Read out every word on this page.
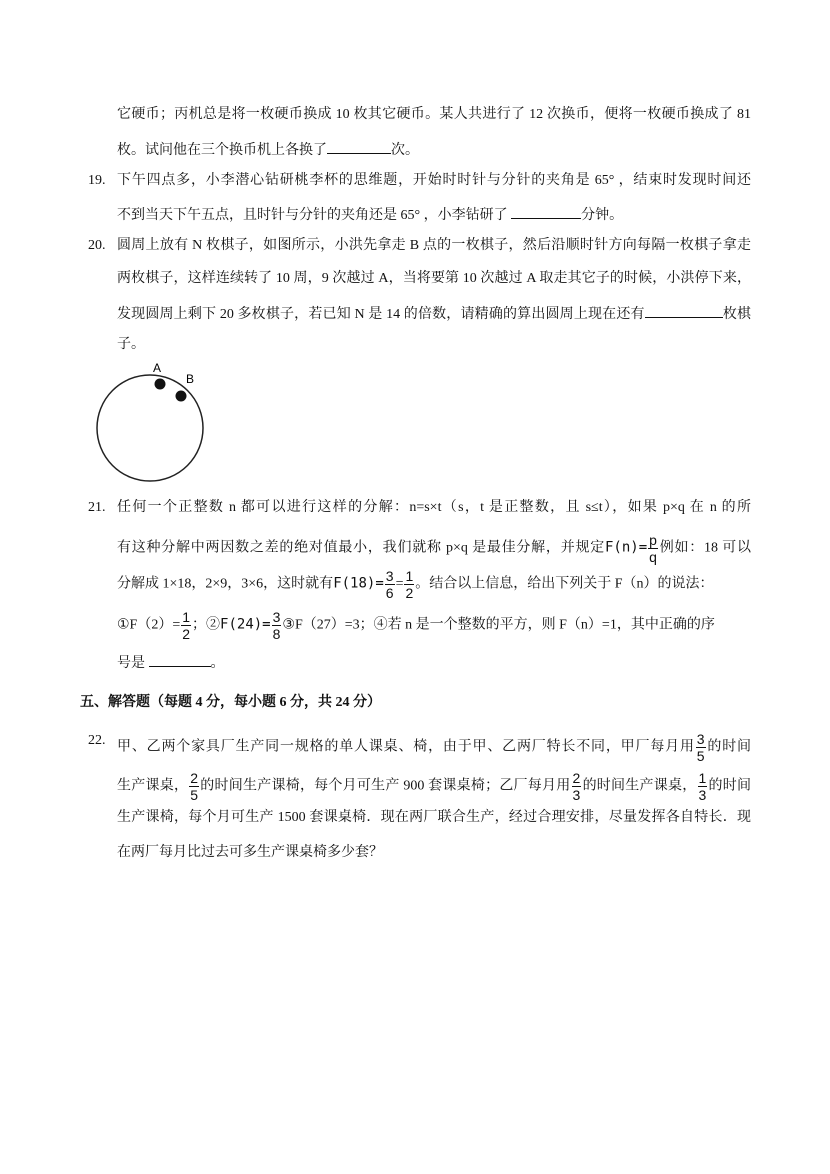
它硬币；丙机总是将一枚硬币换成 10 枚其它硬币。某人共进行了 12 次换币，便将一枚硬币换成了 81
枚。试问他在三个换币机上各换了	次。
19. 下午四点多，小李潜心钻研桃李杯的思维题，开始时时针与分针的夹角是 65° ，结束时发现时间还
不到当天下午五点，且时针与分针的夹角还是 65° ，小李钻研了	分钟。
20. 圆周上放有 N 枚棋子，如图所示，小洪先拿走 B 点的一枚棋子，然后沿顺时针方向每隔一枚棋子拿走
两枚棋子，这样连续转了 10 周，9 次越过 A，当将要第 10 次越过 A 取走其它子的时候，小洪停下来，
发现圆周上剩下 20 多枚棋子，若已知 N 是 14 的倍数，请精确的算出圆周上现在还有	枚棋
子。
A
B
21. 任何一个正整数 n 都可以进行这样的分解：n=s×t（s，t 是正整数，且 s≤t），如果 p×q 在 n 的所
有这种分解中两因数之差的绝对值最小，我们就称 p×q 是最佳分解，并规定$F(n)= \frac{p}{q}$ 例如：18 可以
分解成 1×18，2×9，3×6，这时就有$F(18)= \frac{3}{6} = \frac{1}{2}$ 。结合以上信息，给出下列关于 F（n）的说法：
①F（2）= $\frac{1}{2}$ ；②F(24)= $\frac{3}{8}$ ③F（27）=3；④若 n 是一个整数的平方，则 F（n）=1，其中正确的序
号是	。
五、解答题（每题 4 分，每小题 6 分，共 24 分）
22. 甲、乙两个家具厂生产同一规格的单人课桌、椅，由于甲、乙两厂特长不同，甲厂每月用 $\frac{3}{5}$ 的时间
生产课桌， $\frac{2}{5}$ 的时间生产课椅，每个月可生产 900 套课桌椅；乙厂每月用 $\frac{2}{3}$ 的时间生产课桌， $\frac{1}{3}$ 的时间
生产课椅，每个月可生产 1500 套课桌椅．现在两厂联合生产，经过合理安排，尽量发挥各自特长．现
在两厂每月比过去可多生产课桌椅多少套？
